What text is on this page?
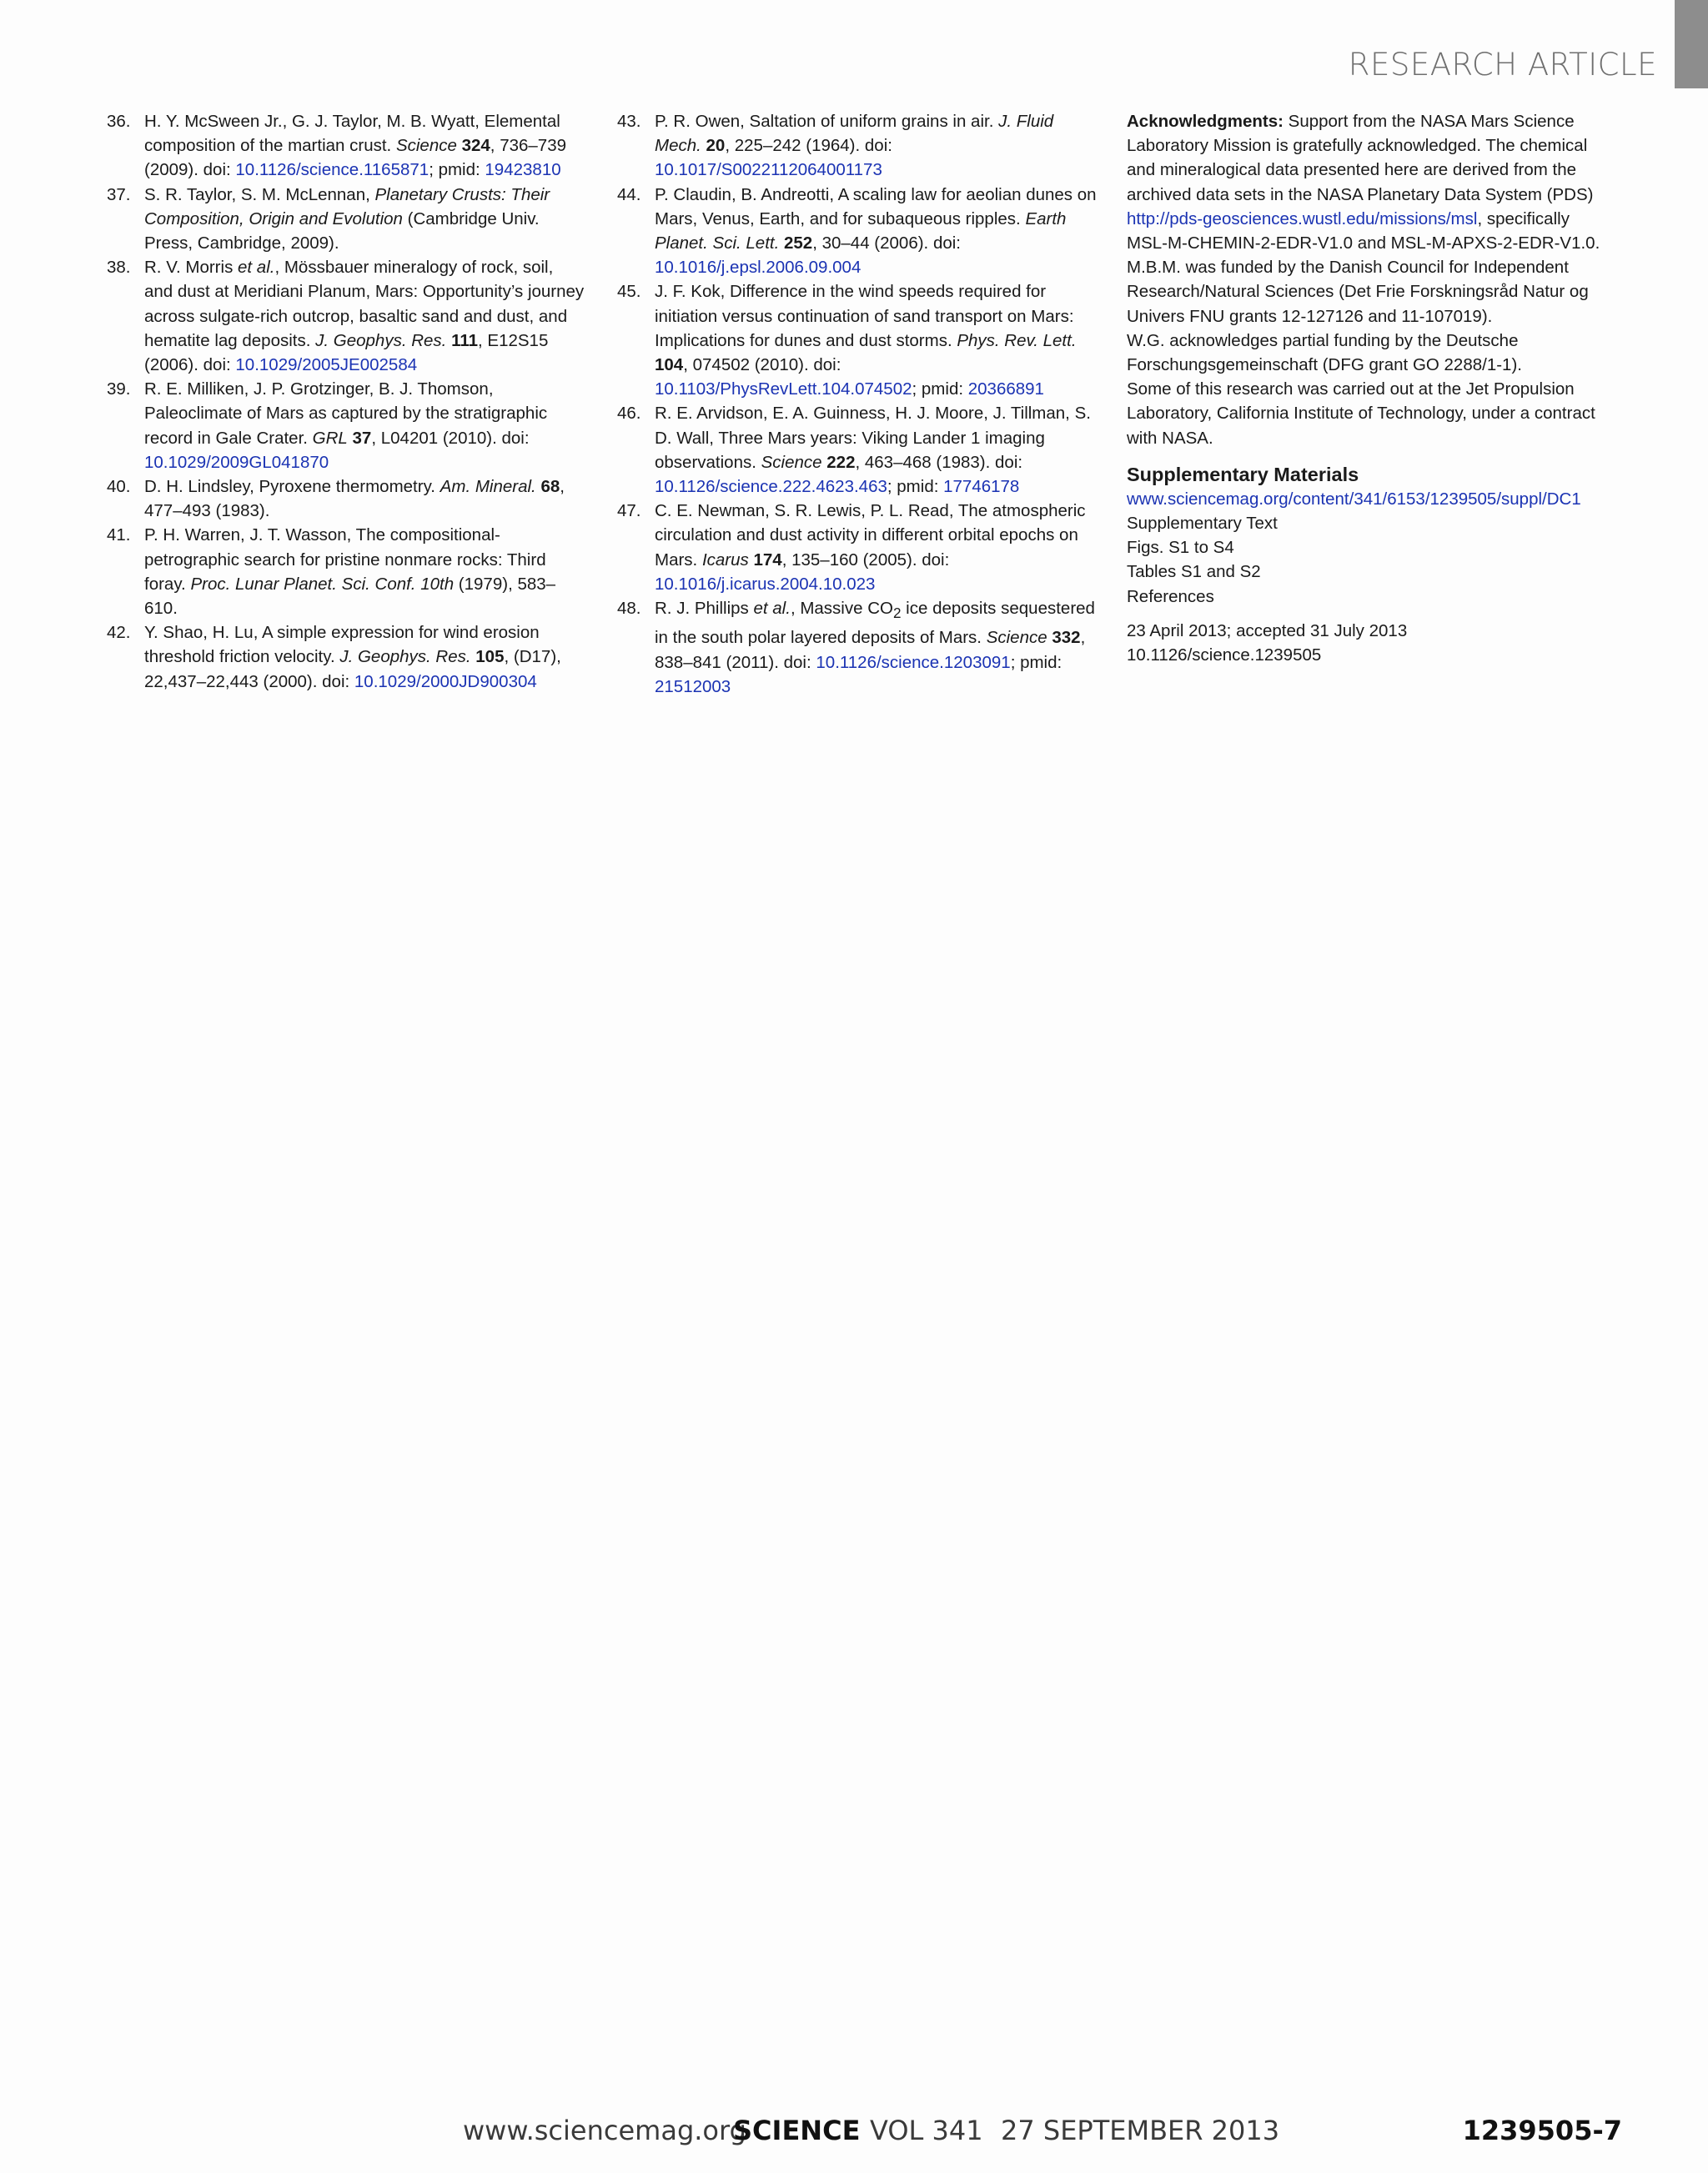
RESEARCH ARTICLE
36. H. Y. McSween Jr., G. J. Taylor, M. B. Wyatt, Elemental composition of the martian crust. Science 324, 736–739 (2009). doi: 10.1126/science.1165871; pmid: 19423810
37. S. R. Taylor, S. M. McLennan, Planetary Crusts: Their Composition, Origin and Evolution (Cambridge Univ. Press, Cambridge, 2009).
38. R. V. Morris et al., Mössbauer mineralogy of rock, soil, and dust at Meridiani Planum, Mars: Opportunity’s journey across sulgate-rich outcrop, basaltic sand and dust, and hematite lag deposits. J. Geophys. Res. 111, E12S15 (2006). doi: 10.1029/2005JE002584
39. R. E. Milliken, J. P. Grotzinger, B. J. Thomson, Paleoclimate of Mars as captured by the stratigraphic record in Gale Crater. GRL 37, L04201 (2010). doi: 10.1029/2009GL041870
40. D. H. Lindsley, Pyroxene thermometry. Am. Mineral. 68, 477–493 (1983).
41. P. H. Warren, J. T. Wasson, The compositional-petrographic search for pristine nonmare rocks: Third foray. Proc. Lunar Planet. Sci. Conf. 10th (1979), 583–610.
42. Y. Shao, H. Lu, A simple expression for wind erosion threshold friction velocity. J. Geophys. Res. 105, (D17), 22,437–22,443 (2000). doi: 10.1029/2000JD900304
43. P. R. Owen, Saltation of uniform grains in air. J. Fluid Mech. 20, 225–242 (1964). doi: 10.1017/S0022112064001173
44. P. Claudin, B. Andreotti, A scaling law for aeolian dunes on Mars, Venus, Earth, and for subaqueous ripples. Earth Planet. Sci. Lett. 252, 30–44 (2006). doi: 10.1016/j.epsl.2006.09.004
45. J. F. Kok, Difference in the wind speeds required for initiation versus continuation of sand transport on Mars: Implications for dunes and dust storms. Phys. Rev. Lett. 104, 074502 (2010). doi: 10.1103/PhysRevLett.104.074502; pmid: 20366891
46. R. E. Arvidson, E. A. Guinness, H. J. Moore, J. Tillman, S. D. Wall, Three Mars years: Viking Lander 1 imaging observations. Science 222, 463–468 (1983). doi: 10.1126/science.222.4623.463; pmid: 17746178
47. C. E. Newman, S. R. Lewis, P. L. Read, The atmospheric circulation and dust activity in different orbital epochs on Mars. Icarus 174, 135–160 (2005). doi: 10.1016/j.icarus.2004.10.023
48. R. J. Phillips et al., Massive $CO_2$ ice deposits sequestered in the south polar layered deposits of Mars. Science 332, 838–841 (2011). doi: 10.1126/science.1203091; pmid: 21512003
Acknowledgments: Support from the NASA Mars Science Laboratory Mission is gratefully acknowledged. The chemical and mineralogical data presented here are derived from the archived data sets in the NASA Planetary Data System (PDS) http://pds-geosciences.wustl.edu/missions/msl, specifically MSL-M-CHEMIN-2-EDR-V1.0 and MSL-M-APXS-2-EDR-V1.0.
M.B.M. was funded by the Danish Council for Independent Research/Natural Sciences (Det Frie Forskningsråd Natur og Univers FNU grants 12-127126 and 11-107019).
W.G. acknowledges partial funding by the Deutsche Forschungsgemeinschaft (DFG grant GO 2288/1-1).
Some of this research was carried out at the Jet Propulsion Laboratory, California Institute of Technology, under a contract with NASA.
Supplementary Materials
www.sciencemag.org/content/341/6153/1239505/suppl/DC1
Supplementary Text
Figs. S1 to S4
Tables S1 and S2
References
23 April 2013; accepted 31 July 2013
10.1126/science.1239505
www.sciencemag.org
SCIENCE VOL 341 27 SEPTEMBER 2013	1239505-7
